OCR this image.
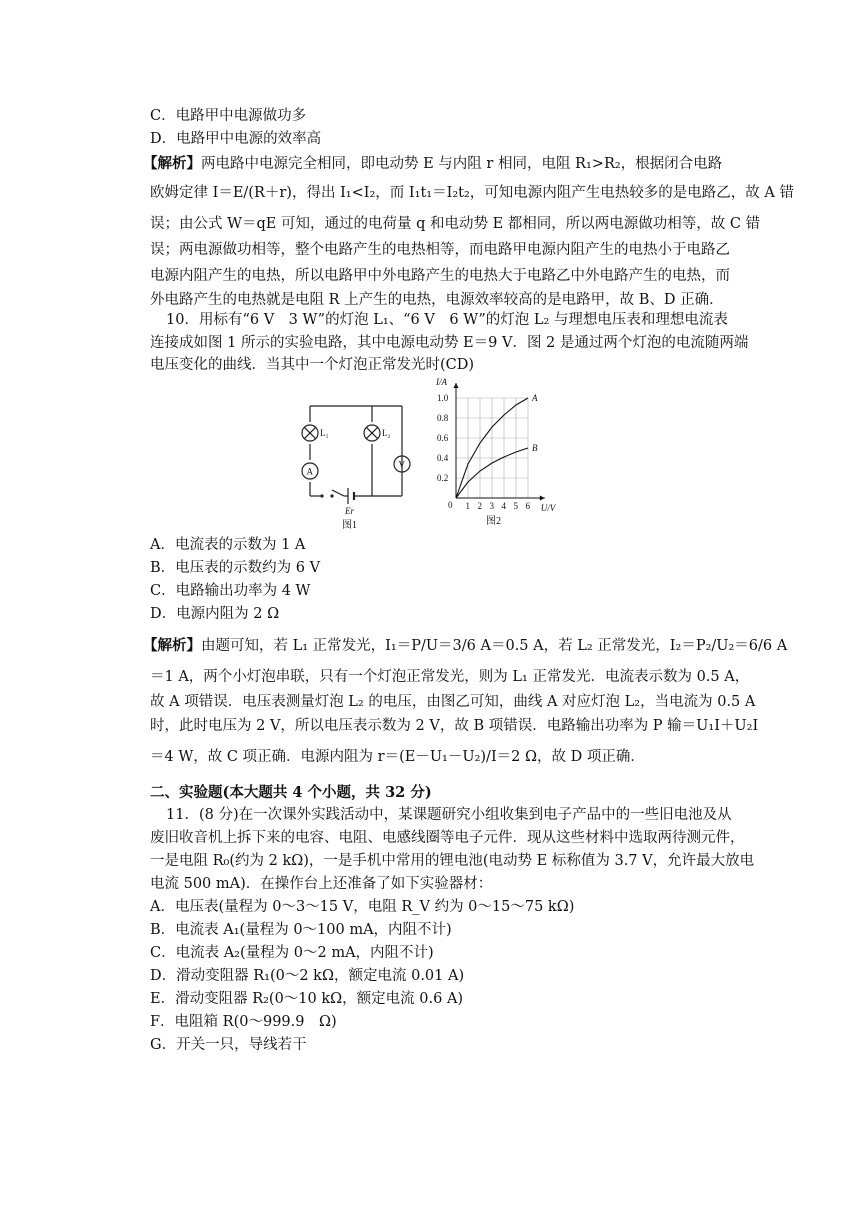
C．电路甲中电源做功多
D．电路甲中电源的效率高
【解析】两电路中电源完全相同，即电动势 E 与内阻 r 相同，电阻 R₁>R₂，根据闭合电路
欧姆定律 I＝E/(R＋r)，得出 I₁<I₂，而 I₁t₁＝I₂t₂，可知电源内阻产生电热较多的是电路乙，故 A 错
误；由公式 W＝qE 可知，通过的电荷量 q 和电动势 E 都相同，所以两电源做功相等，故 C 错
误；两电源做功相等，整个电路产生的电热相等，而电路甲电源内阻产生的电热小于电路乙
电源内阻产生的电热，所以电路甲中外电路产生的电热大于电路乙中外电路产生的电热，而
外电路产生的电热就是电阻 R 上产生的电热，电源效率较高的是电路甲，故 B、D 正确．
10．用标有“6 V　3 W”的灯泡 L₁、“6 V　6 W”的灯泡 L₂ 与理想电压表和理想电流表
连接成如图 1 所示的实验电路，其中电源电动势 E＝9 V．图 2 是通过两个灯泡的电流随两端
电压变化的曲线．当其中一个灯泡正常发光时(CD)
L₁	L₂
A
V
Er
图1
A
B
1 2 3 4 5 6
0.2
0.4
0.6
0.8
1.0
0
I/A
U/V
图2
A．电流表的示数为 1 A
B．电压表的示数约为 6 V
C．电路输出功率为 4 W
D．电源内阻为 2 Ω
【解析】由题可知，若 L₁ 正常发光，I₁＝P/U＝3/6 A＝0.5 A，若 L₂ 正常发光，I₂＝P₂/U₂＝6/6 A
＝1 A，两个小灯泡串联，只有一个灯泡正常发光，则为 L₁ 正常发光．电流表示数为 0.5 A，
故 A 项错误．电压表测量灯泡 L₂ 的电压，由图乙可知，曲线 A 对应灯泡 L₂，当电流为 0.5 A
时，此时电压为 2 V，所以电压表示数为 2 V，故 B 项错误．电路输出功率为 P 输＝U₁I＋U₂I
＝4 W，故 C 项正确．电源内阻为 r＝(E－U₁－U₂)/I＝2 Ω，故 D 项正确．
二、实验题(本大题共 4 个小题，共 32 分)
11．(8 分)在一次课外实践活动中，某课题研究小组收集到电子产品中的一些旧电池及从
废旧收音机上拆下来的电容、电阻、电感线圈等电子元件．现从这些材料中选取两待测元件，
一是电阻 R₀(约为 2 kΩ)，一是手机中常用的锂电池(电动势 E 标称值为 3.7 V，允许最大放电
电流 500 mA)．在操作台上还准备了如下实验器材：
A．电压表(量程为 0～3～15 V，电阻 R_V 约为 0～15～75 kΩ)
B．电流表 A₁(量程为 0～100 mA，内阻不计)
C．电流表 A₂(量程为 0～2 mA，内阻不计)
D．滑动变阻器 R₁(0～2 kΩ，额定电流 0.01 A)
E．滑动变阻器 R₂(0～10 kΩ，额定电流 0.6 A)
F．电阻箱 R(0～999.9　Ω)
G．开关一只，导线若干
